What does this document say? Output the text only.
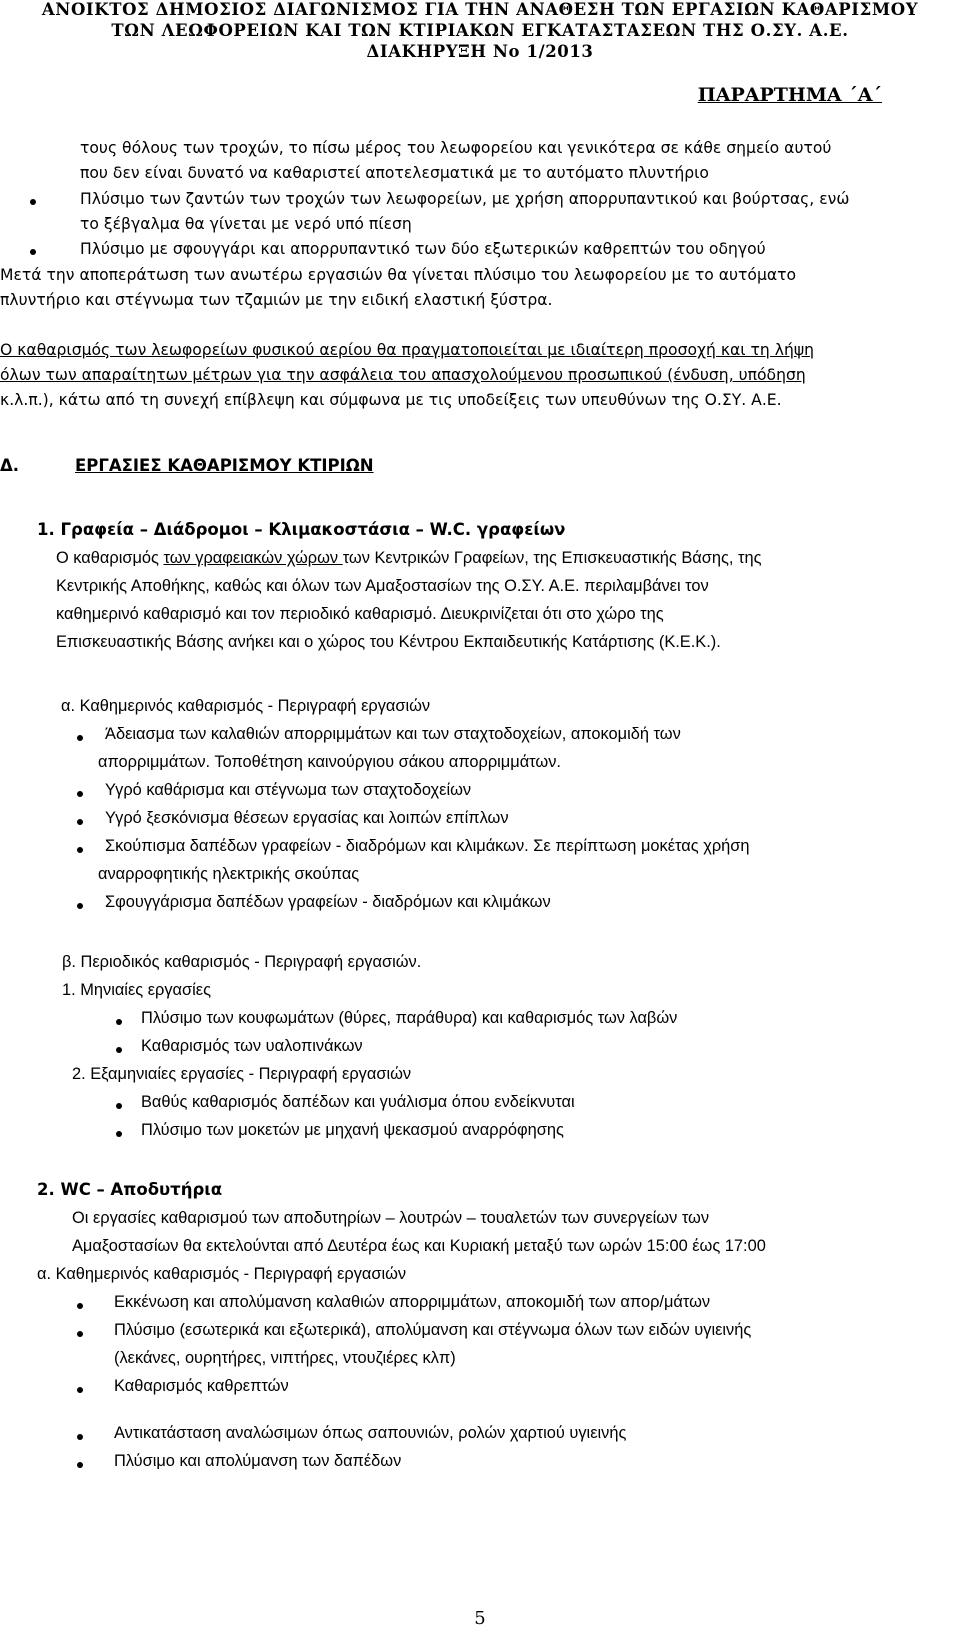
ΑΝΟΙΚΤΟΣ ΔΗΜΟΣΙΟΣ ΔΙΑΓΩΝΙΣΜΟΣ ΓΙΑ ΤΗΝ ΑΝΑΘΕΣΗ ΤΩΝ ΕΡΓΑΣΙΩΝ ΚΑΘΑΡΙΣΜΟΥ
ΤΩΝ ΛΕΩΦΟΡΕΙΩΝ ΚΑΙ ΤΩΝ ΚΤΙΡΙΑΚΩΝ ΕΓΚΑΤΑΣΤΑΣΕΩΝ ΤΗΣ Ο.ΣΥ. Α.Ε.
ΔΙΑΚΗΡΥΞΗ Νο 1/2013
ΠΑΡΑΡΤΗΜΑ ΄Α΄

τους θόλους των τροχών, το πίσω μέρος του λεωφορείου και γενικότερα σε κάθε σημείο αυτού

που δεν είναι δυνατό να καθαριστεί αποτελεσματικά με το αυτόματο πλυντήριο

Πλύσιμο των ζαντών των τροχών των λεωφορείων, με χρήση απορρυπαντικού και βούρτσας, ενώ

το ξέβγαλμα θα γίνεται με νερό υπό πίεση

Πλύσιμο με σφουγγάρι και απορρυπαντικό των δύο εξωτερικών καθρεπτών του οδηγού

Μετά την αποπεράτωση των ανωτέρω εργασιών θα γίνεται πλύσιμο του λεωφορείου με το αυτόματο

πλυντήριο και στέγνωμα των τζαμιών με την ειδική ελαστική ξύστρα.

Ο καθαρισμός των λεωφορείων φυσικού αερίου θα πραγματοποιείται με ιδιαίτερη προσοχή και τη λήψη

όλων των απαραίτητων μέτρων για την ασφάλεια του απασχολούμενου προσωπικού (ένδυση, υπόδηση

κ.λ.π.), κάτω από τη συνεχή επίβλεψη και σύμφωνα με τις υποδείξεις των υπευθύνων της Ο.ΣΥ. Α.Ε.

Δ.	ΕΡΓΑΣΙΕΣ ΚΑΘΑΡΙΣΜΟΥ ΚΤΙΡΙΩΝ
1. Γραφεία – Διάδρομοι – Κλιμακοστάσια – W.C. γραφείων

Ο καθαρισμός των γραφειακών χώρων των Κεντρικών Γραφείων, της Επισκευαστικής Βάσης, της

Κεντρικής Αποθήκης, καθώς και όλων των Αμαξοστασίων της Ο.ΣΥ. Α.Ε. περιλαμβάνει τον

καθημερινό καθαρισμό και τον περιοδικό καθαρισμό. Διευκρινίζεται ότι στο χώρο της

Επισκευαστικής Βάσης ανήκει και ο χώρος του Κέντρου Εκπαιδευτικής Κατάρτισης (Κ.Ε.Κ.).

α. Καθημερινός καθαρισμός - Περιγραφή εργασιών

Άδειασμα των καλαθιών απορριμμάτων και των σταχτοδοχείων, αποκομιδή των

απορριμμάτων. Τοποθέτηση καινούργιου σάκου απορριμμάτων.

Υγρό καθάρισμα και στέγνωμα των σταχτοδοχείων

Υγρό ξεσκόνισμα θέσεων εργασίας και λοιπών επίπλων

Σκούπισμα δαπέδων γραφείων - διαδρόμων και κλιμάκων. Σε περίπτωση μοκέτας χρήση

αναρροφητικής ηλεκτρικής σκούπας

Σφουγγάρισμα δαπέδων γραφείων - διαδρόμων και κλιμάκων

β. Περιοδικός καθαρισμός - Περιγραφή εργασιών.

1. Μηνιαίες εργασίες

Πλύσιμο των κουφωμάτων (θύρες, παράθυρα) και καθαρισμός των λαβών

Καθαρισμός των υαλοπινάκων

2. Εξαμηνιαίες εργασίες - Περιγραφή εργασιών

Βαθύς καθαρισμός δαπέδων και γυάλισμα όπου ενδείκνυται

Πλύσιμο των μοκετών με μηχανή ψεκασμού αναρρόφησης

2. WC – Αποδυτήρια

Οι εργασίες καθαρισμού των αποδυτηρίων – λουτρών – τουαλετών των συνεργείων των

Αμαξοστασίων θα εκτελούνται από Δευτέρα έως και Κυριακή μεταξύ των ωρών 15:00 έως 17:00

α. Καθημερινός καθαρισμός - Περιγραφή εργασιών

Εκκένωση και απολύμανση καλαθιών απορριμμάτων, αποκομιδή των απορ/μάτων

Πλύσιμο (εσωτερικά και εξωτερικά), απολύμανση και στέγνωμα όλων των ειδών υγιεινής

(λεκάνες, ουρητήρες, νιπτήρες, ντουζιέρες κλπ)

Καθαρισμός καθρεπτών

Αντικατάσταση αναλώσιμων όπως σαπουνιών, ρολών χαρτιού υγιεινής

Πλύσιμο και απολύμανση των δαπέδων

5
